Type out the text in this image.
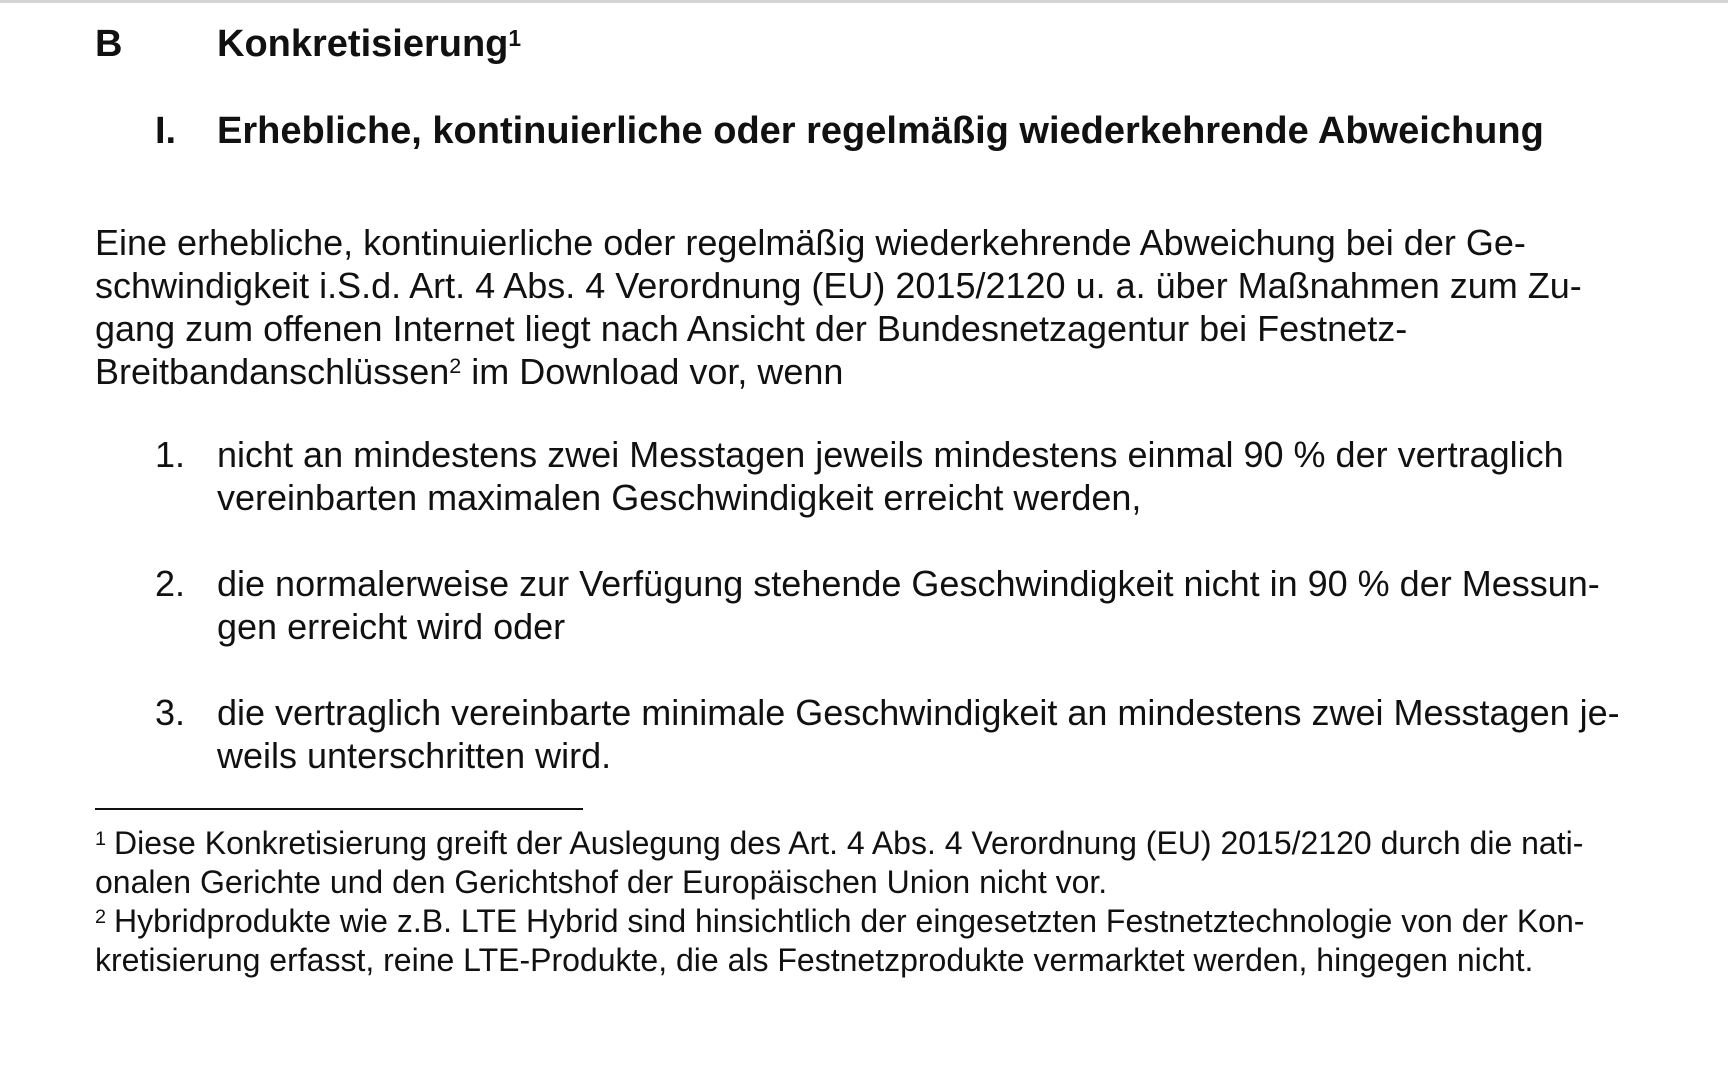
B Konkretisierung$^1$
I. Erhebliche, kontinuierliche oder regelmäßig wiederkehrende Abweichung
Eine erhebliche, kontinuierliche oder regelmäßig wiederkehrende Abweichung bei der Ge-
schwindigkeit i.S.d. Art. 4 Abs. 4 Verordnung (EU) 2015/2120 u. a. über Maßnahmen zum Zu-
gang zum offenen Internet liegt nach Ansicht der Bundesnetzagentur bei Festnetz-
Breitbandanschlüssen$^2$ im Download vor, wenn
1. nicht an mindestens zwei Messtagen jeweils mindestens einmal 90 % der vertraglich
vereinbarten maximalen Geschwindigkeit erreicht werden,
2. die normalerweise zur Verfügung stehende Geschwindigkeit nicht in 90 % der Messun-
gen erreicht wird oder
3. die vertraglich vereinbarte minimale Geschwindigkeit an mindestens zwei Messtagen je-
weils unterschritten wird.
$^1$ Diese Konkretisierung greift der Auslegung des Art. 4 Abs. 4 Verordnung (EU) 2015/2120 durch die nati-
onalen Gerichte und den Gerichtshof der Europäischen Union nicht vor.
$^2$ Hybridprodukte wie z.B. LTE Hybrid sind hinsichtlich der eingesetzten Festnetztechnologie von der Kon-
kretisierung erfasst, reine LTE-Produkte, die als Festnetzprodukte vermarktet werden, hingegen nicht.
